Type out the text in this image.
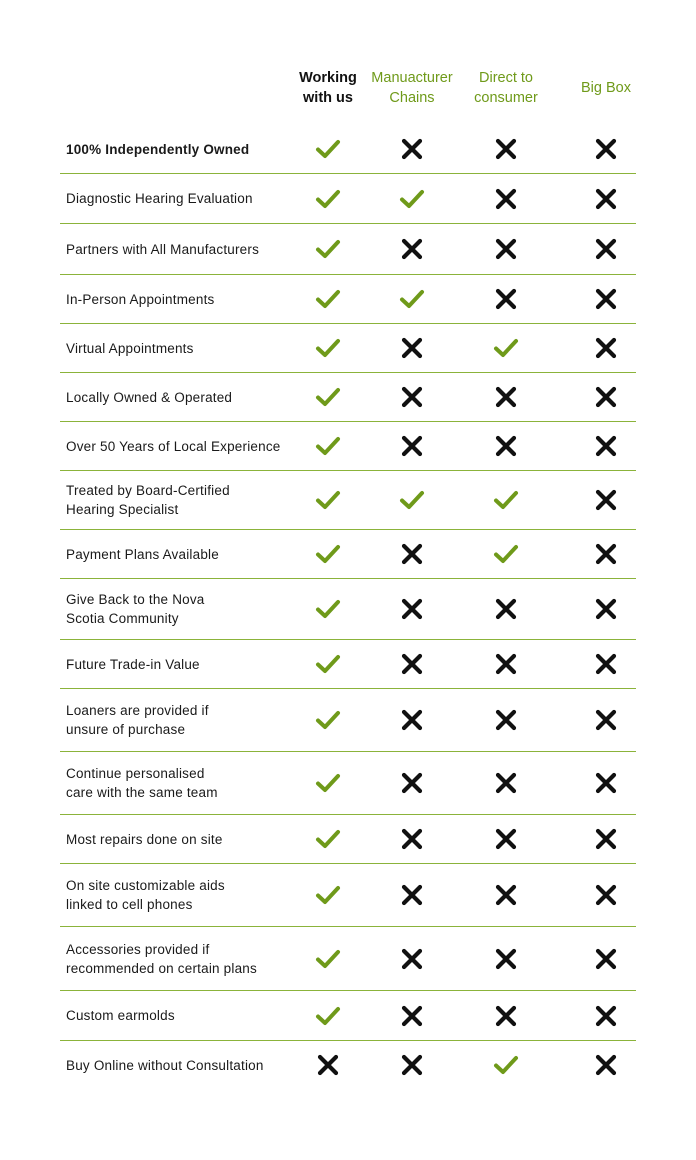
Working
with us
Manuacturer
Chains
Direct to
consumer
Big Box
100% Independently Owned
Diagnostic Hearing Evaluation
Partners with All Manufacturers
In-Person Appointments
Virtual Appointments
Locally Owned & Operated
Over 50 Years of Local Experience
Treated by Board-Certified
Hearing Specialist
Payment Plans Available
Give Back to the Nova
Scotia Community
Future Trade-in Value
Loaners are provided if
unsure of purchase
Continue personalised
care with the same team
Most repairs done on site
On site customizable aids
linked to cell phones
Accessories provided if
recommended on certain plans
Custom earmolds
Buy Online without Consultation
